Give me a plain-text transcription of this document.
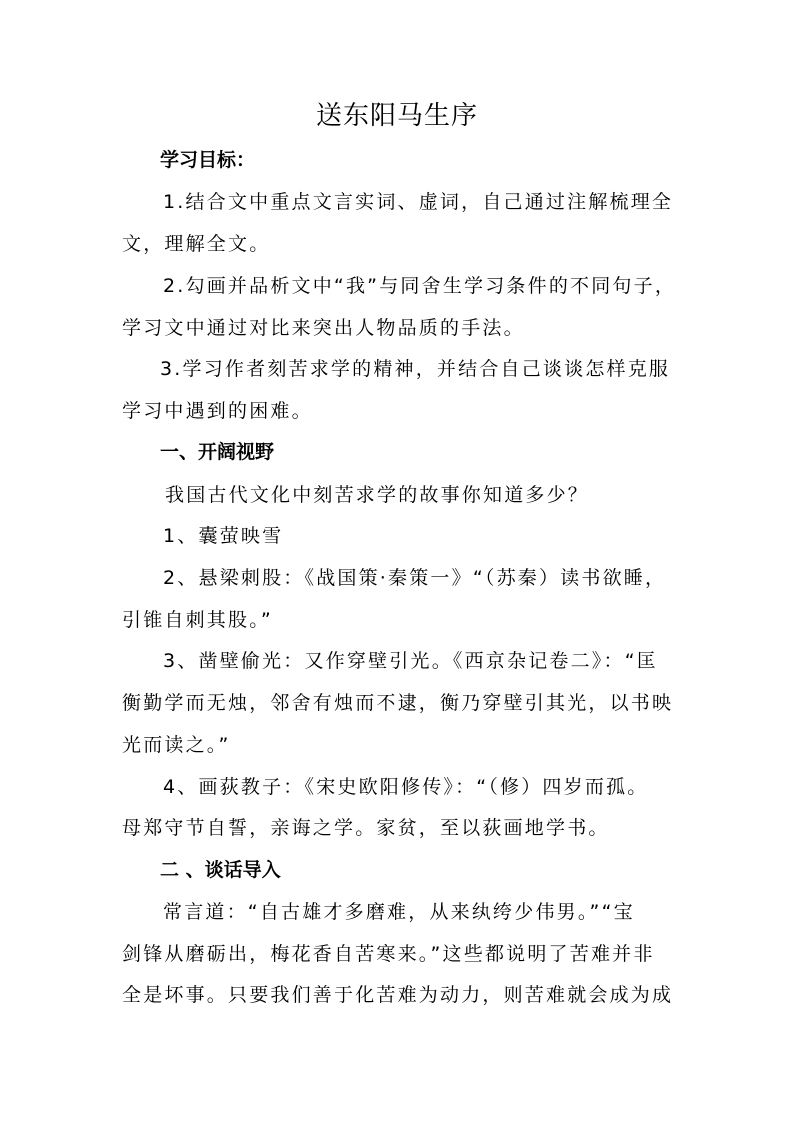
送东阳马生序
学习目标：
1.结合文中重点文言实词、虚词，自己通过注解梳理全
文，理解全文。
2.勾画并品析文中“我”与同舍生学习条件的不同句子，
学习文中通过对比来突出人物品质的手法。
3.学习作者刻苦求学的精神，并结合自己谈谈怎样克服
学习中遇到的困难。
一、开阔视野
我国古代文化中刻苦求学的故事你知道多少？
1、囊萤映雪
2、悬梁刺股：《战国策·秦策一》“（苏秦）读书欲睡，
引锥自刺其股。”
3、凿壁偷光：又作穿壁引光。《西京杂记卷二》：“匡
衡勤学而无烛，邻舍有烛而不逮，衡乃穿壁引其光，以书映
光而读之。”
4、画荻教子：《宋史欧阳修传》：“（修）四岁而孤。
母郑守节自誓，亲诲之学。家贫，至以荻画地学书。
二 、谈话导入
常言道：“自古雄才多磨难，从来纨绔少伟男。”“宝
剑锋从磨砺出，梅花香自苦寒来。”这些都说明了苦难并非
全是坏事。只要我们善于化苦难为动力，则苦难就会成为成
